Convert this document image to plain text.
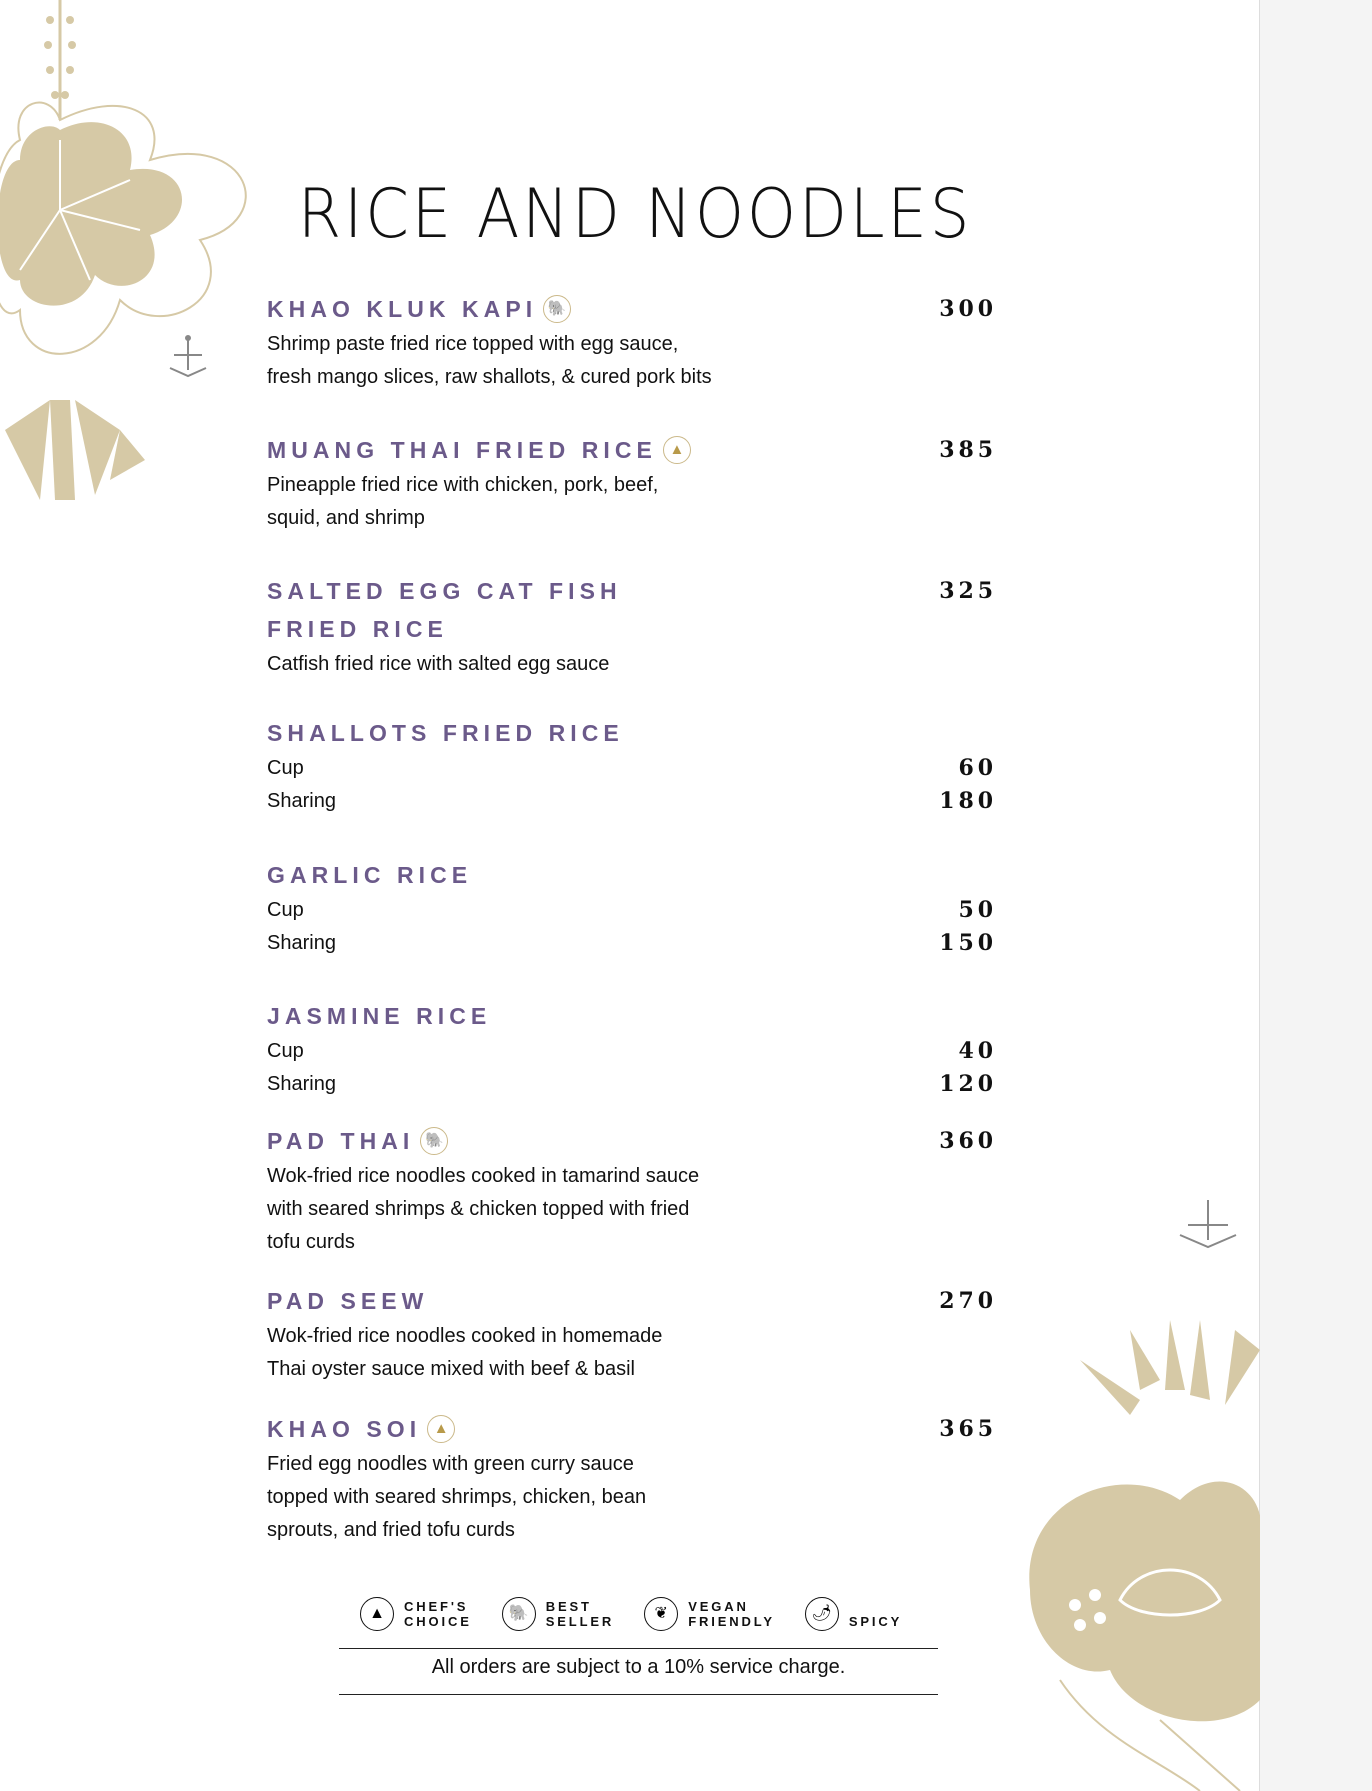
RICE AND NOODLES
KHAO KLUK KAPI 🐘	300
Shrimp paste fried rice topped with egg sauce,
fresh mango slices, raw shallots, & cured pork bits
MUANG THAI FRIED RICE ▲	385
Pineapple fried rice with chicken, pork, beef,
squid, and shrimp
SALTED EGG CAT FISH
FRIED RICE
325
Catfish fried rice with salted egg sauce
SHALLOTS FRIED RICE
Cup	60
Sharing	180
GARLIC RICE
Cup	50
Sharing	150
JASMINE RICE
Cup	40
Sharing	120
PAD THAI 🐘	360
Wok-fried rice noodles cooked in tamarind sauce
with seared shrimps & chicken topped with fried
tofu curds
PAD SEEW	270
Wok-fried rice noodles cooked in homemade
Thai oyster sauce mixed with beef & basil
KHAO SOI ▲	365
Fried egg noodles with green curry sauce
topped with seared shrimps, chicken, bean
sprouts, and fried tofu curds
▲	CHEF'S
CHOICE	🐘	BEST
SELLER	❦	VEGAN
FRIENDLY	🌶
	SPICY
All orders are subject to a 10% service charge.
